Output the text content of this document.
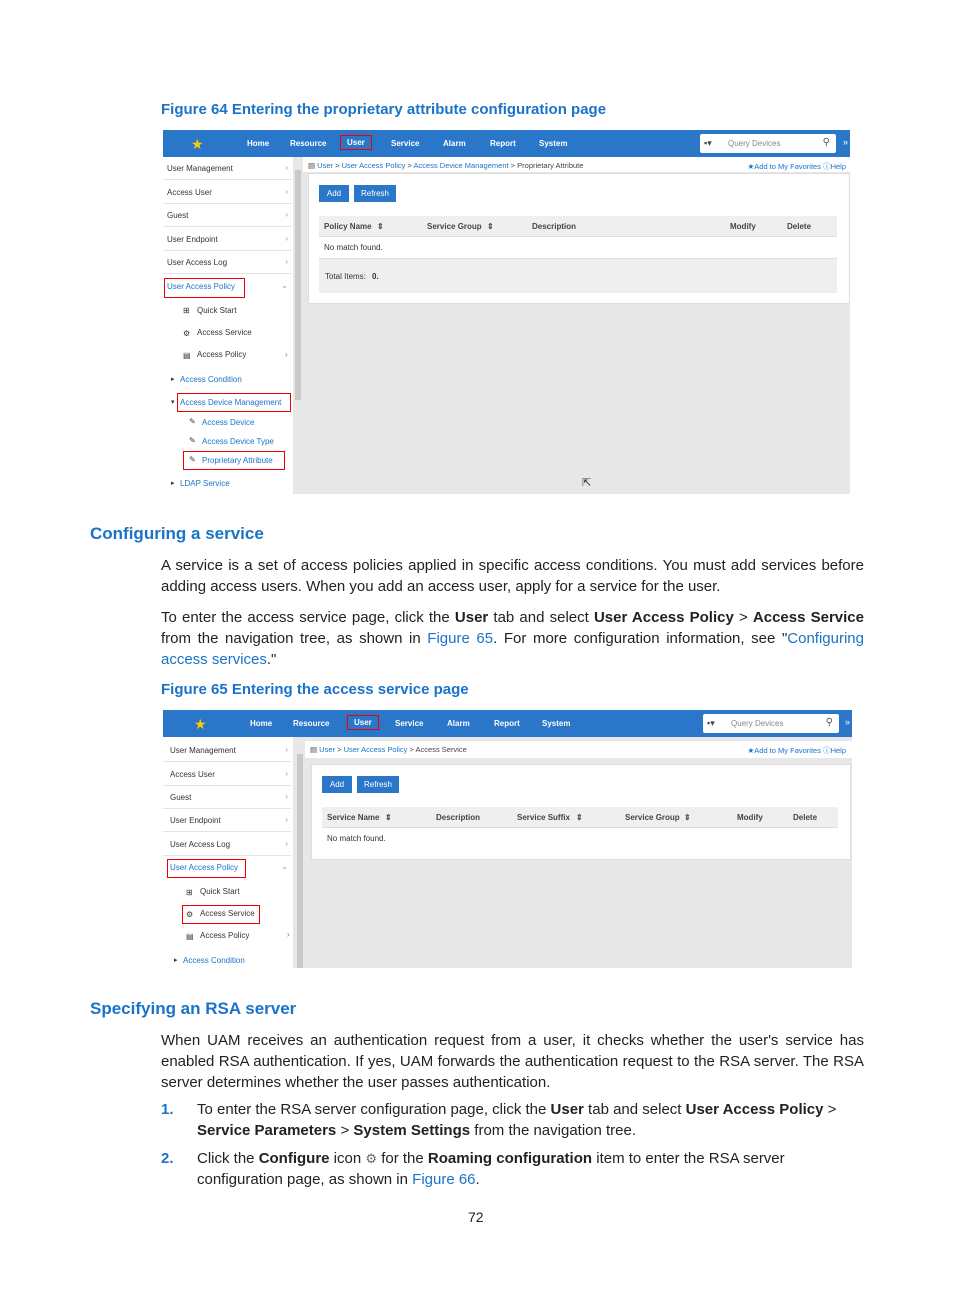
Figure 64 Entering the proprietary attribute configuration page
★	Home	Resource	User	Service	Alarm	Report	System	▪▾ Query Devices	⚲ »
User Management	›
Access User	›
Guest	›
User Endpoint	›
User Access Log	›
User Access Policy	⌄
⊞ Quick Start
⚙ Access Service
▤ Access Policy	›
▸ Access Condition
▾ Access Device Management
✎ Access Device
✎ Access Device Type
✎ Proprietary Attribute
▸ LDAP Service
▤ User > User Access Policy > Access Device Management > Proprietary Attribute	★Add to My Favorites ⓘHelp
Add	Refresh
Policy Name ⇕	Service Group ⇕	Description	Modify	Delete
No match found.
Total Items: 0.
⇱
Configuring a service
A service is a set of access policies applied in specific access conditions. You must add services before adding access users. When you add an access user, apply for a service for the user.
To enter the access service page, click the User tab and select User Access Policy > Access Service from the navigation tree, as shown in Figure 65. For more configuration information, see "Configuring access services."
Figure 65 Entering the access service page
★	Home	Resource	User	Service	Alarm	Report	System	▪▾ Query Devices	⚲ »
User Management	›
Access User	›
Guest	›
User Endpoint	›
User Access Log	›
User Access Policy	⌄
⊞ Quick Start
⚙ Access Service
▤ Access Policy	›
▸ Access Condition
▤ User > User Access Policy > Access Service	★Add to My Favorites ⓘHelp
Add	Refresh
Service Name ⇕	Description	Service Suffix ⇕	Service Group ⇕	Modify	Delete
No match found.
Specifying an RSA server
When UAM receives an authentication request from a user, it checks whether the user's service has enabled RSA authentication. If yes, UAM forwards the authentication request to the RSA server. The RSA server determines whether the user passes authentication.
1. To enter the RSA server configuration page, click the User tab and select User Access Policy > Service Parameters > System Settings from the navigation tree.
2. Click the Configure icon ⚙ for the Roaming configuration item to enter the RSA server configuration page, as shown in Figure 66.
72
